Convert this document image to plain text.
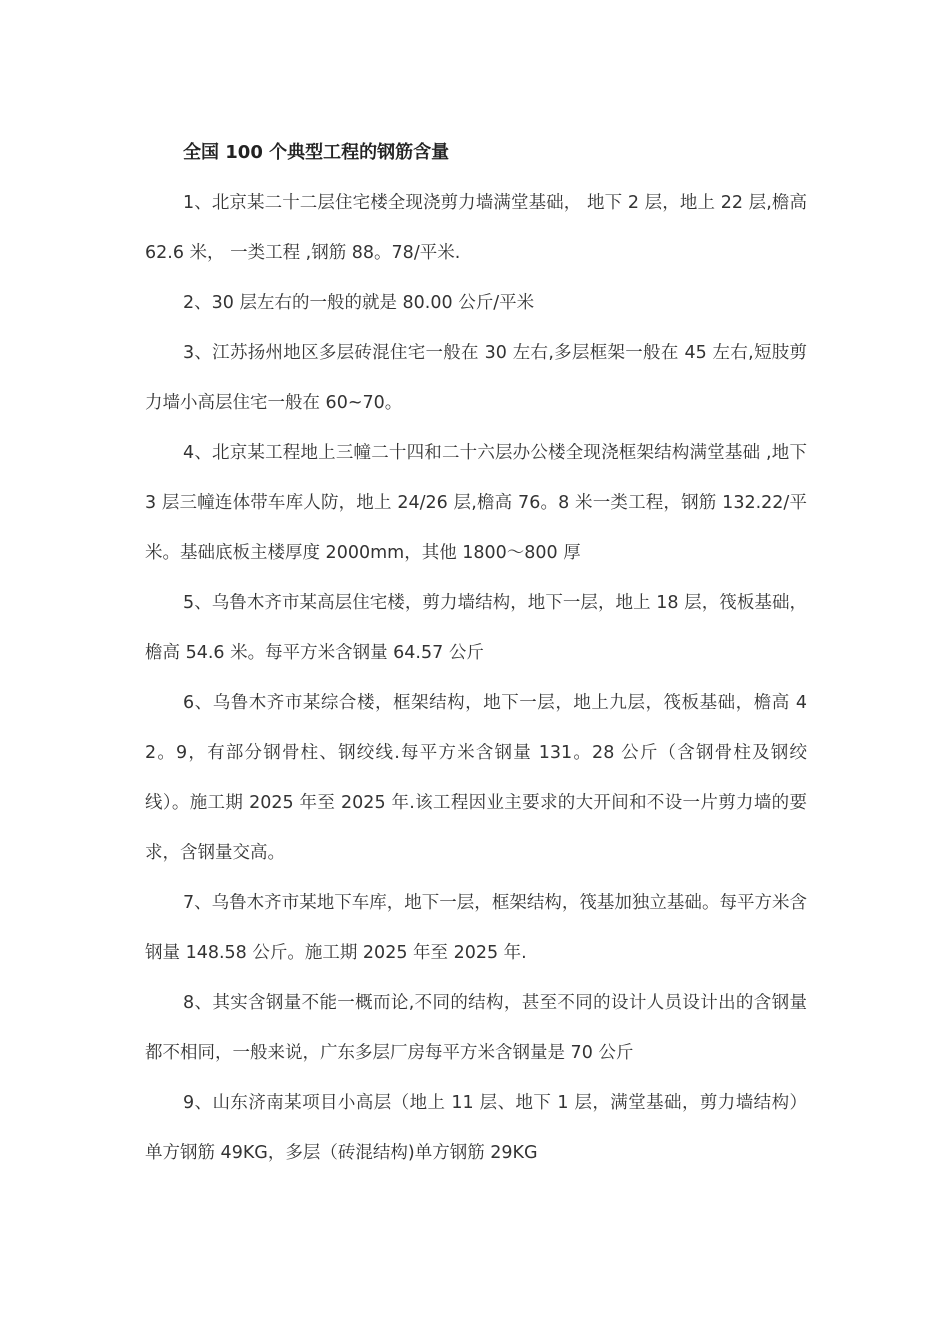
全国 100 个典型工程的钢筋含量

1、北京某二十二层住宅楼全现浇剪力墙满堂基础， 地下 2 层，地上 22 层,檐高 62.6 米， 一类工程 ,钢筋 88。78/平米.

2、30 层左右的一般的就是 80.00 公斤/平米

3、江苏扬州地区多层砖混住宅一般在 30 左右,多层框架一般在 45 左右,短肢剪力墙小高层住宅一般在 60~70。

4、北京某工程地上三幢二十四和二十六层办公楼全现浇框架结构满堂基础 ,地下 3 层三幢连体带车库人防，地上 24/26 层,檐高 76。8 米一类工程，钢筋 132.22/平米。基础底板主楼厚度 2000mm，其他 1800～800 厚

5、乌鲁木齐市某高层住宅楼，剪力墙结构，地下一层，地上 18 层，筏板基础，檐高 54.6 米。每平方米含钢量 64.57 公斤

6、乌鲁木齐市某综合楼，框架结构，地下一层，地上九层，筏板基础，檐高 42。9，有部分钢骨柱、钢绞线.每平方米含钢量 131。28 公斤（含钢骨柱及钢绞线）。施工期 2025 年至 2025 年.该工程因业主要求的大开间和不设一片剪力墙的要求，含钢量交高。

7、乌鲁木齐市某地下车库，地下一层，框架结构，筏基加独立基础。每平方米含钢量 148.58 公斤。施工期 2025 年至 2025 年.

8、其实含钢量不能一概而论,不同的结构，甚至不同的设计人员设计出的含钢量都不相同，一般来说，广东多层厂房每平方米含钢量是 70 公斤

9、山东济南某项目小高层（地上 11 层、地下 1 层，满堂基础，剪力墙结构）单方钢筋 49KG，多层（砖混结构)单方钢筋 29KG
